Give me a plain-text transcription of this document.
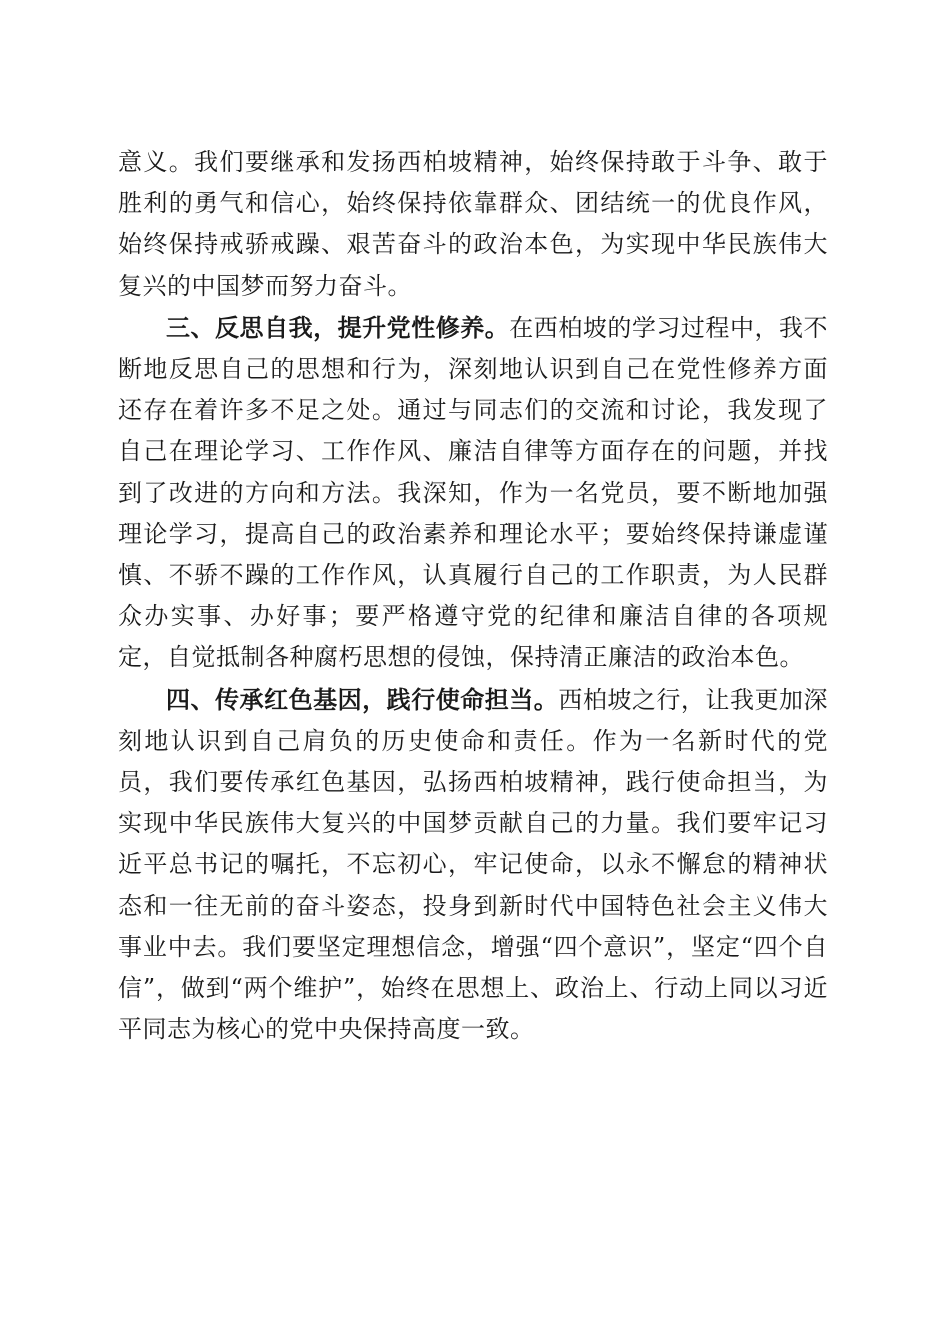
意义。我们要继承和发扬西柏坡精神，始终保持敢于斗争、敢于胜利的勇气和信心，始终保持依靠群众、团结统一的优良作风，始终保持戒骄戒躁、艰苦奋斗的政治本色，为实现中华民族伟大复兴的中国梦而努力奋斗。

三、反思自我，提升党性修养。在西柏坡的学习过程中，我不断地反思自己的思想和行为，深刻地认识到自己在党性修养方面还存在着许多不足之处。通过与同志们的交流和讨论，我发现了自己在理论学习、工作作风、廉洁自律等方面存在的问题，并找到了改进的方向和方法。我深知，作为一名党员，要不断地加强理论学习，提高自己的政治素养和理论水平；要始终保持谦虚谨慎、不骄不躁的工作作风，认真履行自己的工作职责，为人民群众办实事、办好事；要严格遵守党的纪律和廉洁自律的各项规定，自觉抵制各种腐朽思想的侵蚀，保持清正廉洁的政治本色。

四、传承红色基因，践行使命担当。西柏坡之行，让我更加深刻地认识到自己肩负的历史使命和责任。作为一名新时代的党员，我们要传承红色基因，弘扬西柏坡精神，践行使命担当，为实现中华民族伟大复兴的中国梦贡献自己的力量。我们要牢记习近平总书记的嘱托，不忘初心，牢记使命，以永不懈怠的精神状态和一往无前的奋斗姿态，投身到新时代中国特色社会主义伟大事业中去。我们要坚定理想信念，增强“四个意识”，坚定“四个自信”，做到“两个维护”，始终在思想上、政治上、行动上同以习近平同志为核心的党中央保持高度一致。
